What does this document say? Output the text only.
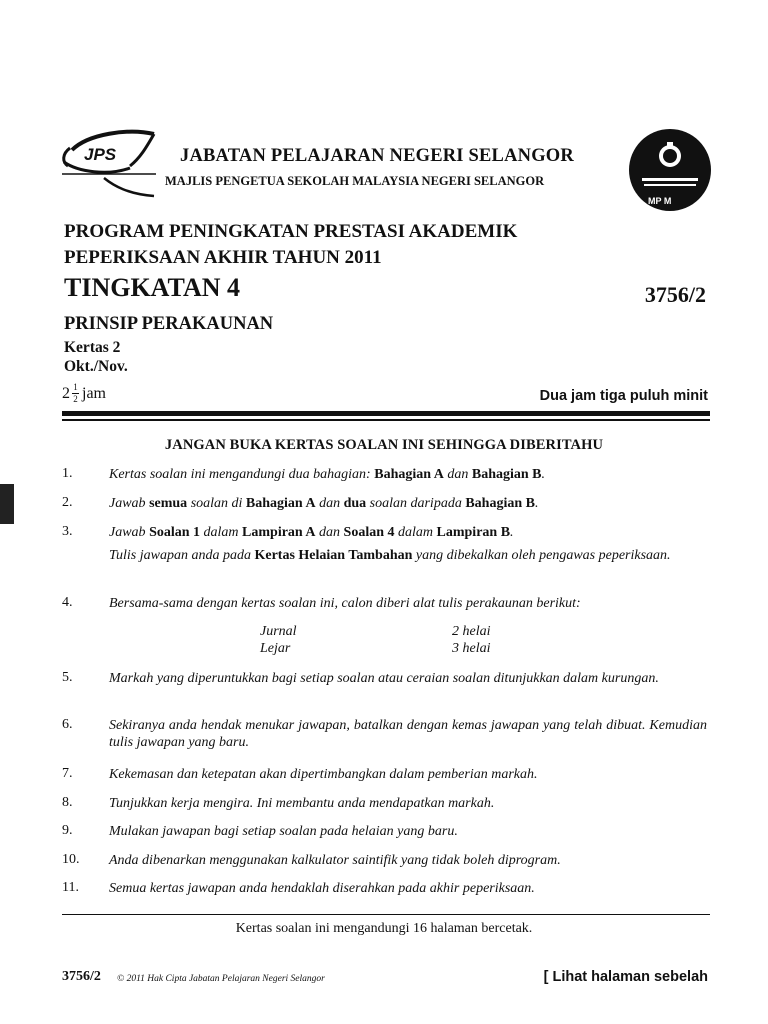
JPS	JABATAN PELAJARAN NEGERI SELANGOR
MAJLIS PENGETUA SEKOLAH MALAYSIA NEGERI SELANGOR
MP M
PROGRAM PENINGKATAN PRESTASI AKADEMIK
PEPERIKSAAN AKHIR TAHUN 2011
TINGKATAN 4	3756/2
PRINSIP PERAKAUNAN
Kertas 2
Okt./Nov.
$2 \frac{1}{2}$ jam	Dua jam tiga puluh minit
JANGAN BUKA KERTAS SOALAN INI SEHINGGA DIBERITAHU
1.	Kertas soalan ini mengandungi dua bahagian: Bahagian A dan Bahagian B.
2.	Jawab semua soalan di Bahagian A dan dua soalan daripada Bahagian B.
3.	Jawab Soalan 1 dalam Lampiran A dan Soalan 4 dalam Lampiran B.
Tulis jawapan anda pada Kertas Helaian Tambahan yang dibekalkan oleh pengawas peperiksaan.
4.	Bersama-sama dengan kertas soalan ini, calon diberi alat tulis perakaunan berikut:
Jurnal	2 helai
Lejar	3 helai
5.	Markah yang diperuntukkan bagi setiap soalan atau ceraian soalan ditunjukkan dalam kurungan.
6.	Sekiranya anda hendak menukar jawapan, batalkan dengan kemas jawapan yang telah dibuat. Kemudian tulis jawapan yang baru.
7.	Kekemasan dan ketepatan akan dipertimbangkan dalam pemberian markah.
8.	Tunjukkan kerja mengira. Ini membantu anda mendapatkan markah.
9.	Mulakan jawapan bagi setiap soalan pada helaian yang baru.
10.	Anda dibenarkan menggunakan kalkulator saintifik yang tidak boleh diprogram.
11.	Semua kertas jawapan anda hendaklah diserahkan pada akhir peperiksaan.
Kertas soalan ini mengandungi 16 halaman bercetak.
3756/2 © 2011 Hak Cipta Jabatan Pelajaran Negeri Selangor	[ Lihat halaman sebelah
